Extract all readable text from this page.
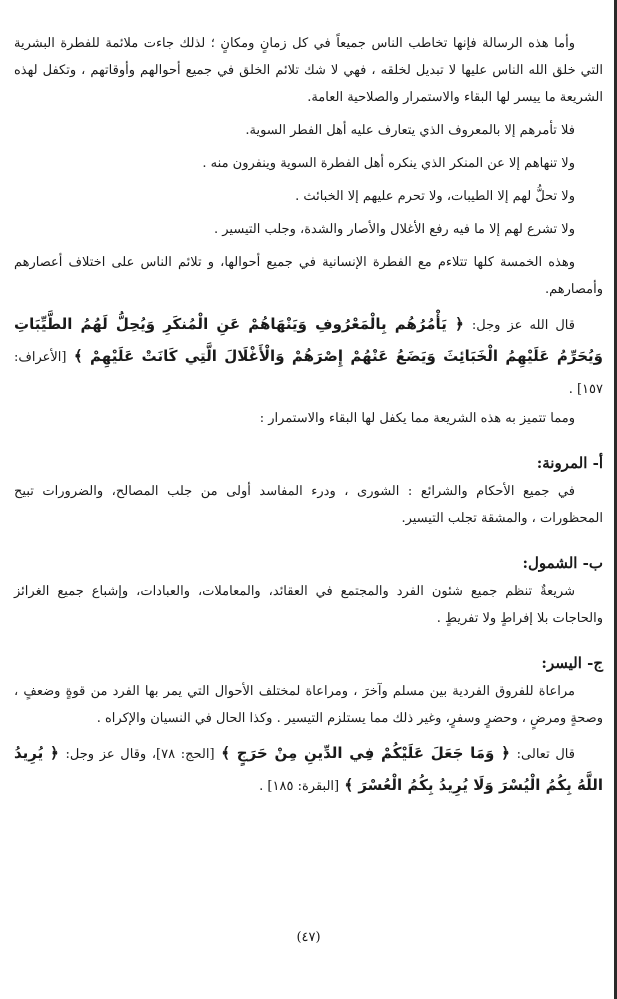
وأما هذه الرسالة فإنها تخاطب الناس جميعاً في كل زمانٍ ومكانٍ ؛ لذلك جاءت ملائمة للفطرة البشرية التي خلق الله الناس عليها لا تبديل لخلقه ، فهي لا شك تلائم الخلق في جميع أحوالهم وأوقاتهم ، وتكفل لهذه الشريعة ما ييسر لها البقاء والاستمرار والصلاحية العامة.

فلا تأمرهم إلا بالمعروف الذي يتعارف عليه أهل الفطر السوية.

ولا تنهاهم إلا عن المنكر الذي ينكره أهل الفطرة السوية وينفرون منه .

ولا تحلُّ لهم إلا الطيبات، ولا تحرم عليهم إلا الخبائث .

ولا تشرع لهم إلا ما فيه رفع الأغلال والأصار والشدة، وجلب التيسير .

وهذه الخمسة كلها تتلاءم مع الفطرة الإنسانية في جميع أحوالها، و تلائم الناس على اختلاف أعصارهم وأمصارهم.

قال الله عز وجل: ﴿ يَأْمُرُهُم بِالْمَعْرُوفِ وَيَنْهَاهُمْ عَنِ الْمُنكَرِ وَيُحِلُّ لَهُمُ الطَّيِّبَاتِ وَيُحَرِّمُ عَلَيْهِمُ الْخَبَائِثَ وَيَضَعُ عَنْهُمْ إِصْرَهُمْ وَالْأَغْلَالَ الَّتِي كَانَتْ عَلَيْهِمْ ﴾ [الأعراف: ١٥٧] .

ومما تتميز به هذه الشريعة مما يكفل لها البقاء والاستمرار :

أ- المرونة:

في جميع الأحكام والشرائع : الشورى ، ودرء المفاسد أولى من جلب المصالح، والضرورات تبيح المحظورات ، والمشقة تجلب التيسير.

ب- الشمول:

شريعةٌ تنظم جميع شئون الفرد والمجتمع في العقائد، والمعاملات، والعبادات، وإشباع جميع الغرائز والحاجات بلا إفراطٍ ولا تفريطٍ .

ج- اليسر:

مراعاة للفروق الفردية بين مسلم وآخرَ ، ومراعاة لمختلف الأحوال التي يمر بها الفرد من قوةٍ وضعفٍ ، وصحةٍ ومرضٍ ، وحضرٍ وسفرٍ، وغير ذلك مما يستلزم التيسير . وكذا الحال في النسيان والإكراه .

قال تعالى: ﴿ وَمَا جَعَلَ عَلَيْكُمْ فِي الدِّينِ مِنْ حَرَجٍ ﴾ [الحج: ٧٨]، وقال عز وجل: ﴿ يُرِيدُ اللَّهُ بِكُمُ الْيُسْرَ وَلَا يُرِيدُ بِكُمُ الْعُسْرَ ﴾ [البقرة: ١٨٥] .

(٤٧)
